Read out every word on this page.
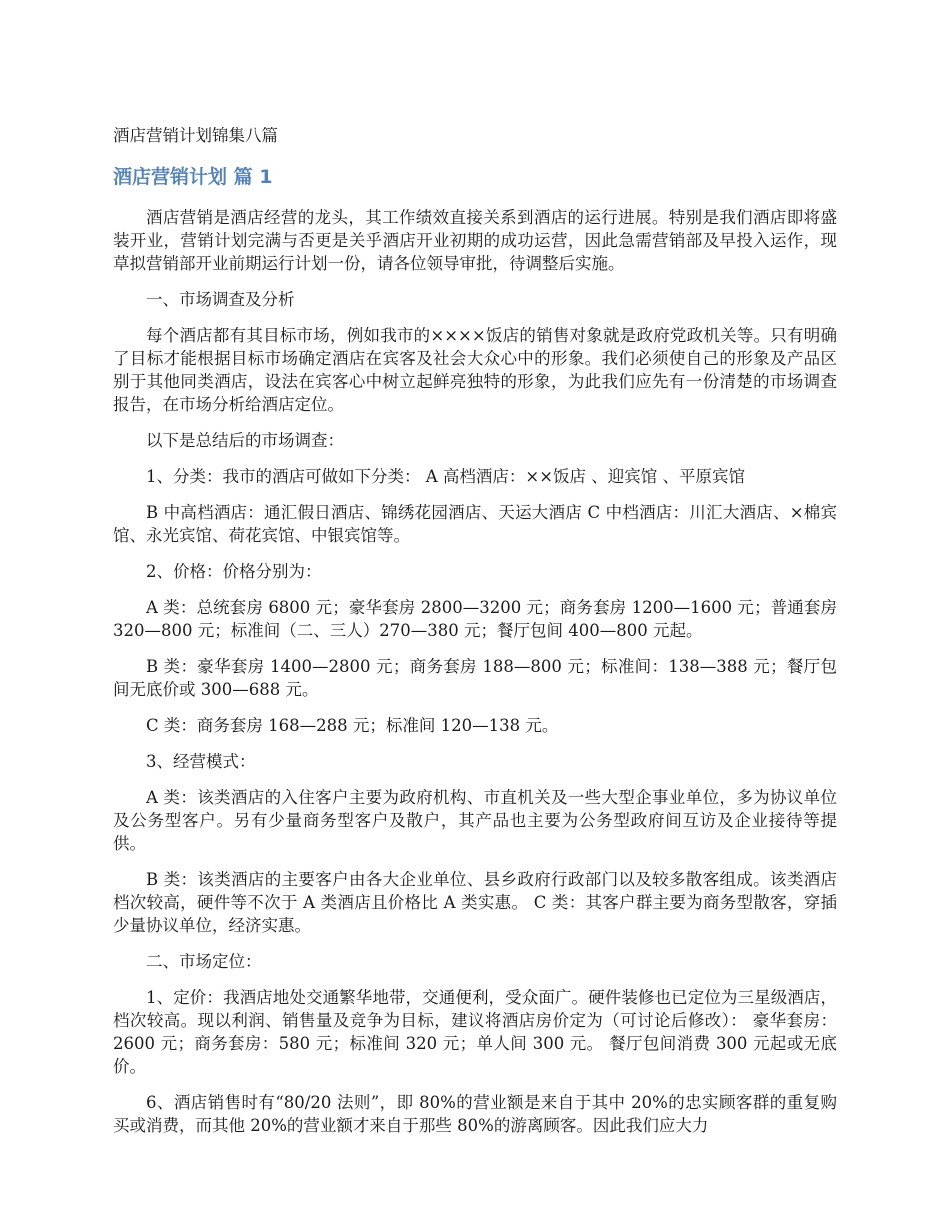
酒店营销计划锦集八篇
酒店营销计划 篇 1

酒店营销是酒店经营的龙头，其工作绩效直接关系到酒店的运行进展。特别是我们酒店即将盛装开业，营销计划完满与否更是关乎酒店开业初期的成功运营，因此急需营销部及早投入运作，现草拟营销部开业前期运行计划一份，请各位领导审批，待调整后实施。

一、市场调查及分析

每个酒店都有其目标市场，例如我市的××××饭店的销售对象就是政府党政机关等。只有明确了目标才能根据目标市场确定酒店在宾客及社会大众心中的形象。我们必须使自己的形象及产品区别于其他同类酒店，设法在宾客心中树立起鲜亮独特的形象，为此我们应先有一份清楚的市场调查报告，在市场分析给酒店定位。

以下是总结后的市场调查：

1、分类：我市的酒店可做如下分类： A 高档酒店：××饭店 、迎宾馆 、平原宾馆

B 中高档酒店：通汇假日酒店、锦绣花园酒店、天运大酒店 C 中档酒店：川汇大酒店、×棉宾馆、永光宾馆、荷花宾馆、中银宾馆等。

2、价格：价格分别为：

A 类：总统套房 6800 元；豪华套房 2800—3200 元；商务套房 1200—1600 元；普通套房 320—800 元；标准间（二、三人）270—380 元；餐厅包间 400—800 元起。

B 类：豪华套房 1400—2800 元；商务套房 188—800 元；标准间：138—388 元；餐厅包间无底价或 300—688 元。

C 类：商务套房 168—288 元；标准间 120—138 元。

3、经营模式：

A 类：该类酒店的入住客户主要为政府机构、市直机关及一些大型企事业单位，多为协议单位及公务型客户。另有少量商务型客户及散户，其产品也主要为公务型政府间互访及企业接待等提供。

B 类：该类酒店的主要客户由各大企业单位、县乡政府行政部门以及较多散客组成。该类酒店档次较高，硬件等不次于 A 类酒店且价格比 A 类实惠。 C 类：其客户群主要为商务型散客，穿插少量协议单位，经济实惠。

二、市场定位：

1、定价：我酒店地处交通繁华地带，交通便利，受众面广。硬件装修也已定位为三星级酒店，档次较高。现以利润、销售量及竞争为目标，建议将酒店房价定为（可讨论后修改）： 豪华套房：2600 元；商务套房：580 元；标准间 320 元；单人间 300 元。 餐厅包间消费 300 元起或无底价。

6、酒店销售时有“80/20 法则”，即 80%的营业额是来自于其中 20%的忠实顾客群的重复购买或消费，而其他 20%的营业额才来自于那些 80%的游离顾客。因此我们应大力
